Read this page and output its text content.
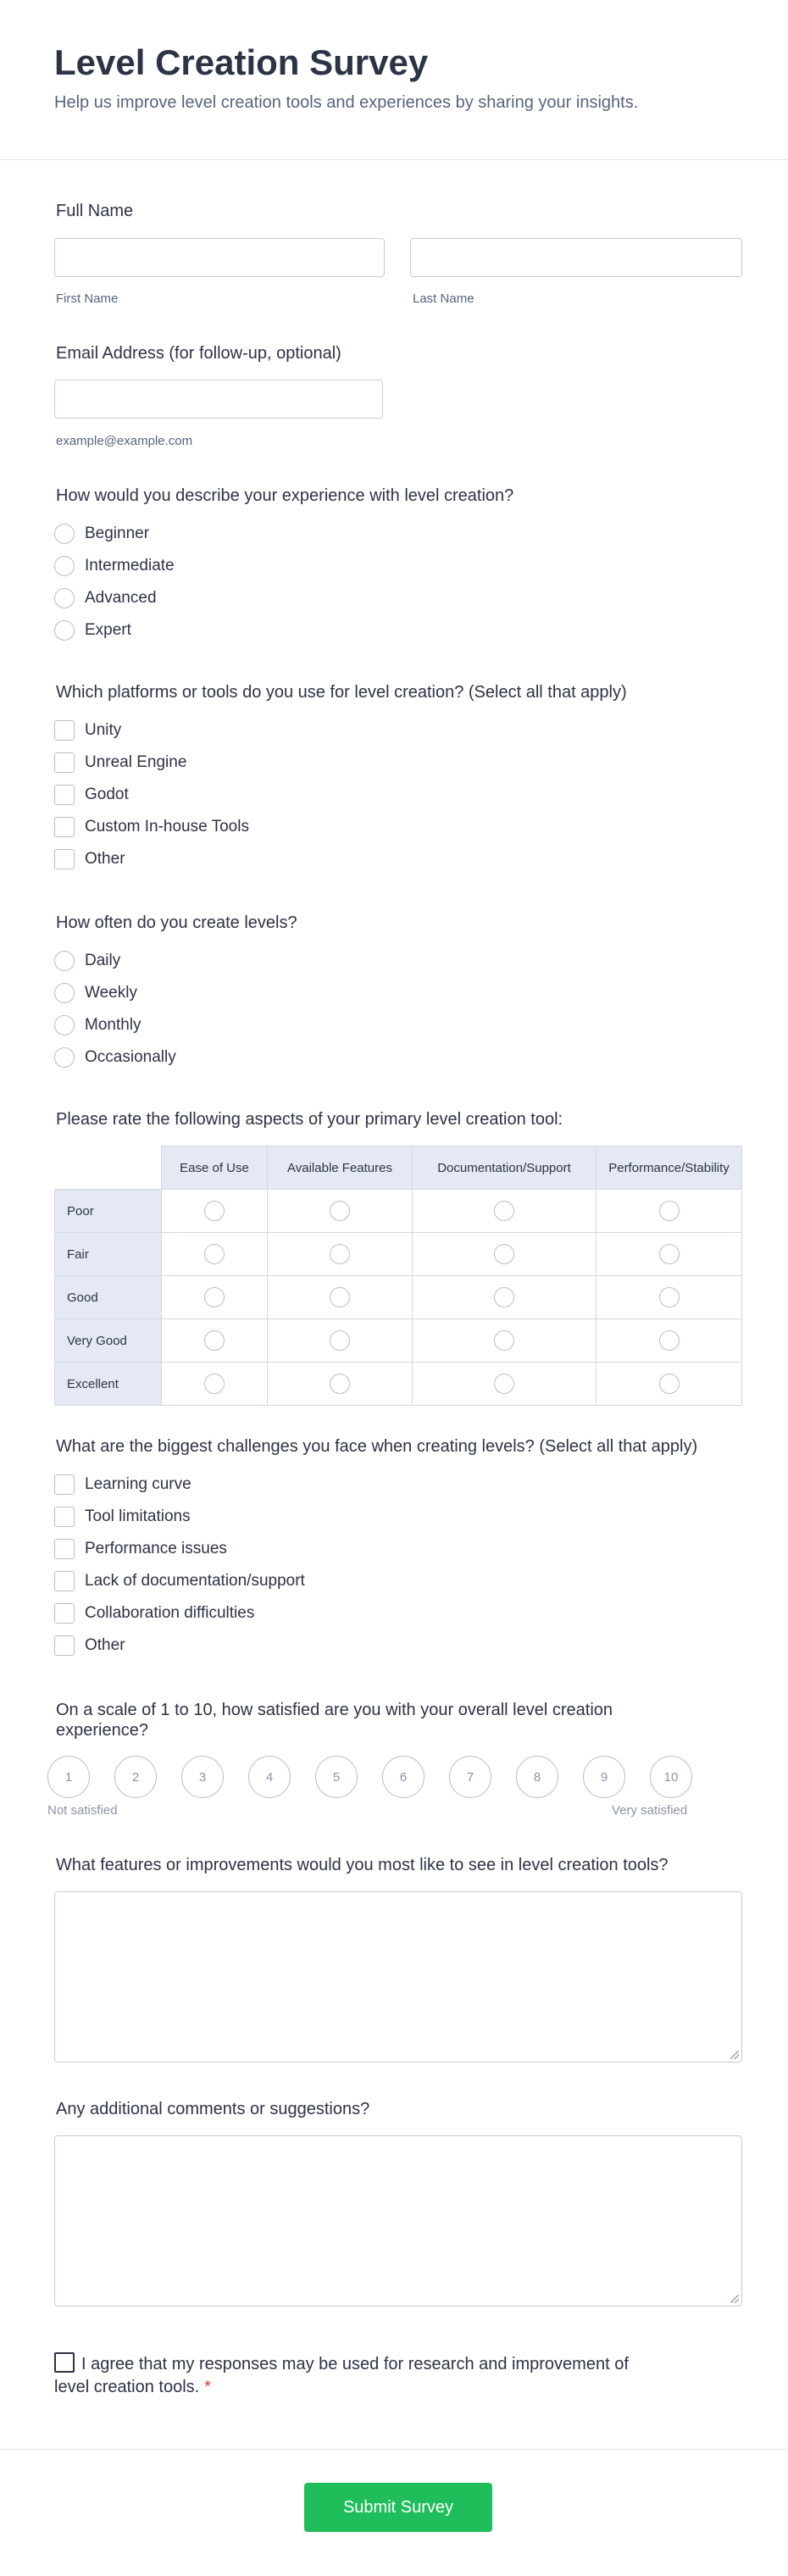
Level Creation Survey

Help us improve level creation tools and experiences by sharing your insights.

Full Name
First Name	Last Name
Email Address (for follow-up, optional)
example@example.com
How would you describe your experience with level creation?
Beginner
Intermediate
Advanced
Expert
Which platforms or tools do you use for level creation? (Select all that apply)
Unity
Unreal Engine
Godot
Custom In-house Tools
Other
How often do you create levels?
Daily
Weekly
Monthly
Occasionally
Please rate the following aspects of your primary level creation tool:
	Ease of Use	Available Features	Documentation/Support	Performance/Stability
Poor				
Fair				
Good				
Very Good				
Excellent				
What are the biggest challenges you face when creating levels? (Select all that apply)
Learning curve
Tool limitations
Performance issues
Lack of documentation/support
Collaboration difficulties
Other
On a scale of 1 to 10, how satisfied are you with your overall level creation experience?
1	2	3	4	5	6	7	8	9	10
Not satisfied	Very satisfied
What features or improvements would you most like to see in level creation tools?
Any additional comments or suggestions?
I agree that my responses may be used for research and improvement of level creation tools. *
Submit Survey
